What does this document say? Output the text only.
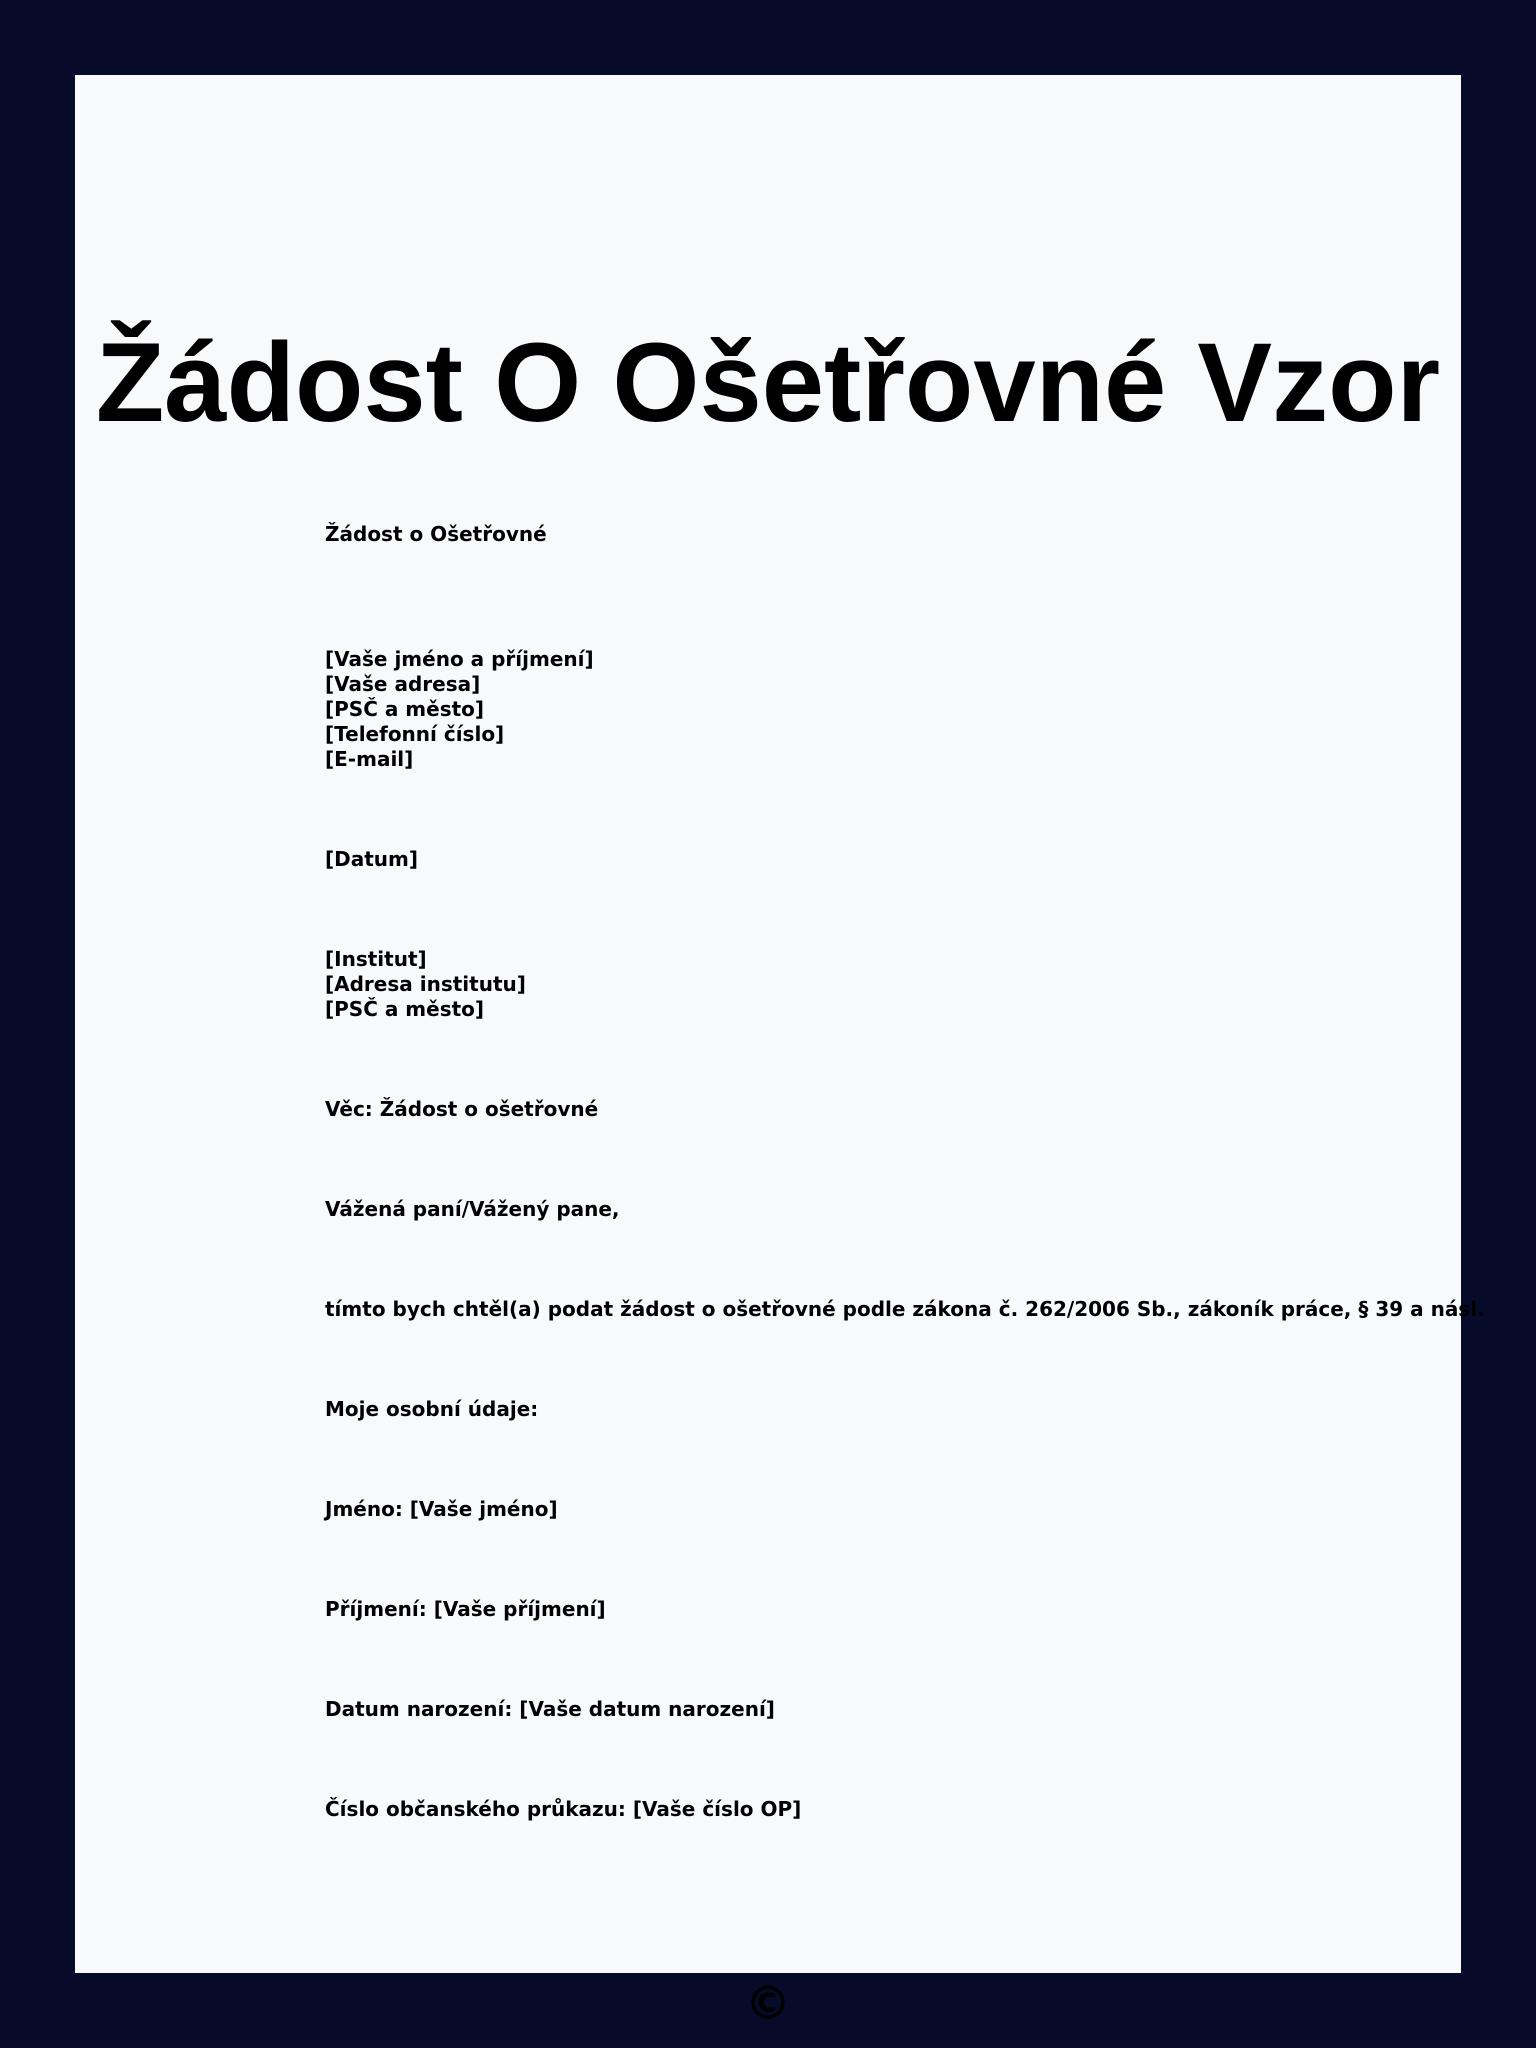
Žádost O Ošetřovné Vzor
Žádost o Ošetřovné
[Vaše jméno a příjmení]
[Vaše adresa]
[PSČ a město]
[Telefonní číslo]
[E-mail]
[Datum]
[Institut]
[Adresa institutu]
[PSČ a město]
Věc: Žádost o ošetřovné
Vážená paní/Vážený pane,
tímto bych chtěl(a) podat žádost o ošetřovné podle zákona č. 262/2006 Sb., zákoník práce, § 39 a násl.
Moje osobní údaje:
Jméno: [Vaše jméno]
Příjmení: [Vaše příjmení]
Datum narození: [Vaše datum narození]
Číslo občanského průkazu: [Vaše číslo OP]
©
